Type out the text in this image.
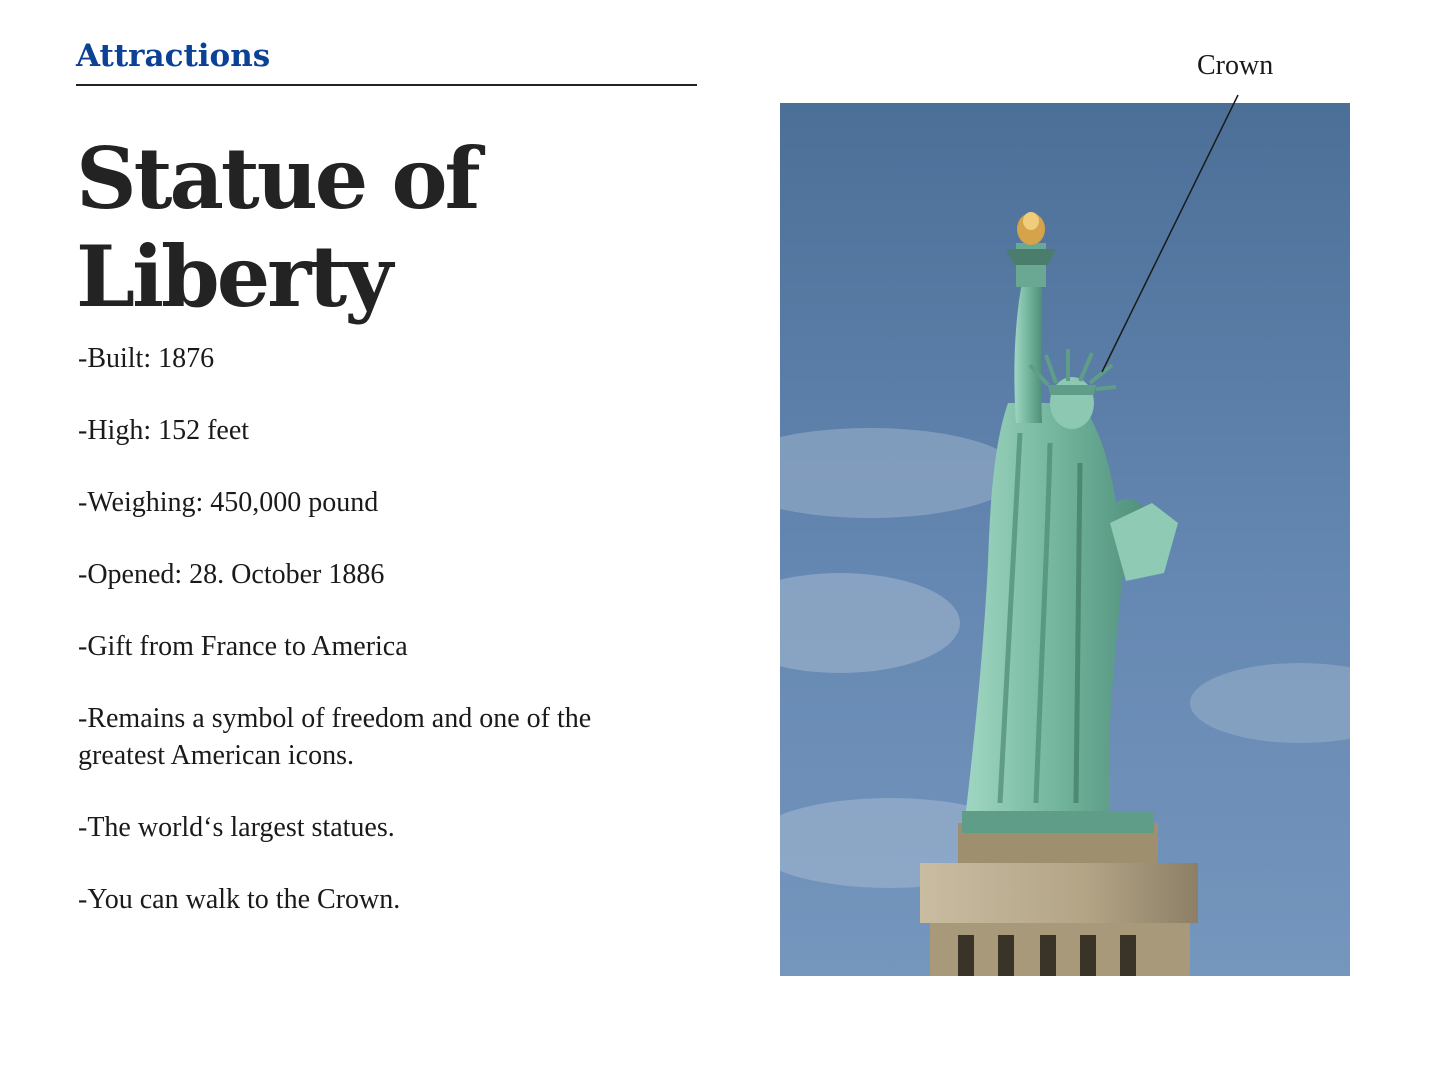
Attractions
Statue of Liberty
-Built: 1876
-High: 152 feet
-Weighing: 450,000 pound
-Opened: 28. October 1886
-Gift from France to America
-Remains a symbol of freedom and one of the greatest American icons.
-The world‘s largest statues.
-You can walk to the Crown.

Crown
